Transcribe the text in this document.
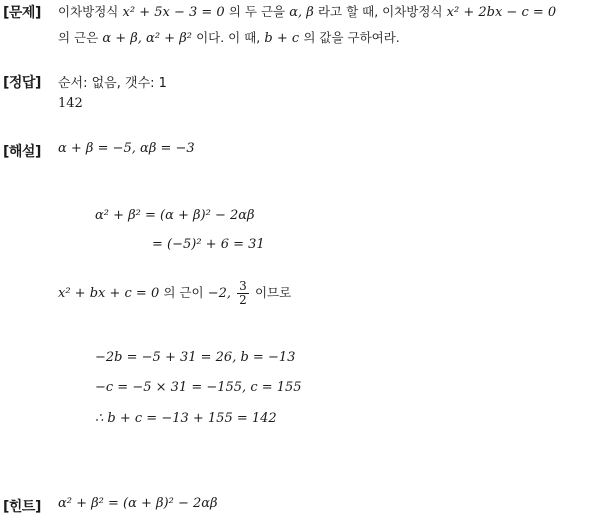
[문제]
[정답]
[해설]
[힌트]
이차방정식 x² + 5x − 3 = 0 의 두 근을 α, β 라고 할 때, 이차방정식 x² + 2bx − c = 0
의 근은 α + β, α² + β² 이다. 이 때, b + c 의 값을 구하여라.
순서: 없음, 갯수: 1
142
α + β = −5, αβ = −3
α² + β² = (α + β)² − 2αβ
= (−5)² + 6 = 31
x² + bx + c = 0 의 근이 −2, $\frac{3}{2}$ 이므로
−2b = −5 + 31 = 26, b = −13
−c = −5 × 31 = −155, c = 155
∴ b + c = −13 + 155 = 142
α² + β² = (α + β)² − 2αβ
